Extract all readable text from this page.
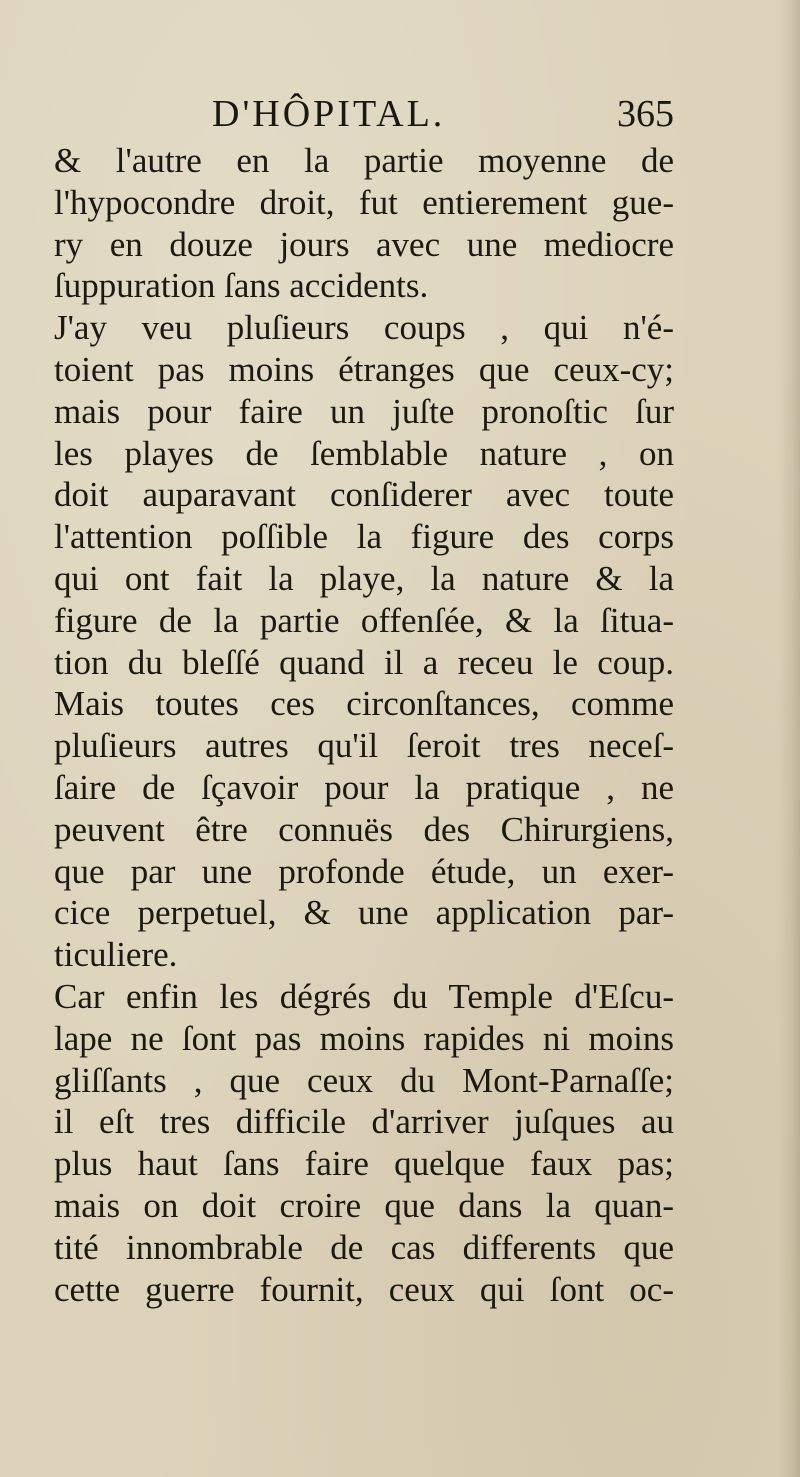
D'HÔPITAL.	365
& l'autre en la partie moyenne de
l'hypocondre droit, fut entierement gue-
ry en douze jours avec une mediocre
ſuppuration ſans accidents.
J'ay veu pluſieurs coups , qui n'é-
toient pas moins étranges que ceux-cy;
mais pour faire un juſte pronoſtic ſur
les playes de ſemblable nature , on
doit auparavant conſiderer avec toute
l'attention poſſible la figure des corps
qui ont fait la playe, la nature & la
figure de la partie offenſée, & la ſitua-
tion du bleſſé quand il a receu le coup.
Mais toutes ces circonſtances, comme
pluſieurs autres qu'il ſeroit tres neceſ-
ſaire de ſçavoir pour la pratique , ne
peuvent être connuës des Chirurgiens,
que par une profonde étude, un exer-
cice perpetuel, & une application par-
ticuliere.
Car enfin les dégrés du Temple d'Eſcu-
lape ne ſont pas moins rapides ni moins
gliſſants , que ceux du Mont-Parnaſſe;
il eſt tres difficile d'arriver juſques au
plus haut ſans faire quelque faux pas;
mais on doit croire que dans la quan-
tité innombrable de cas differents que
cette guerre fournit, ceux qui ſont oc-
